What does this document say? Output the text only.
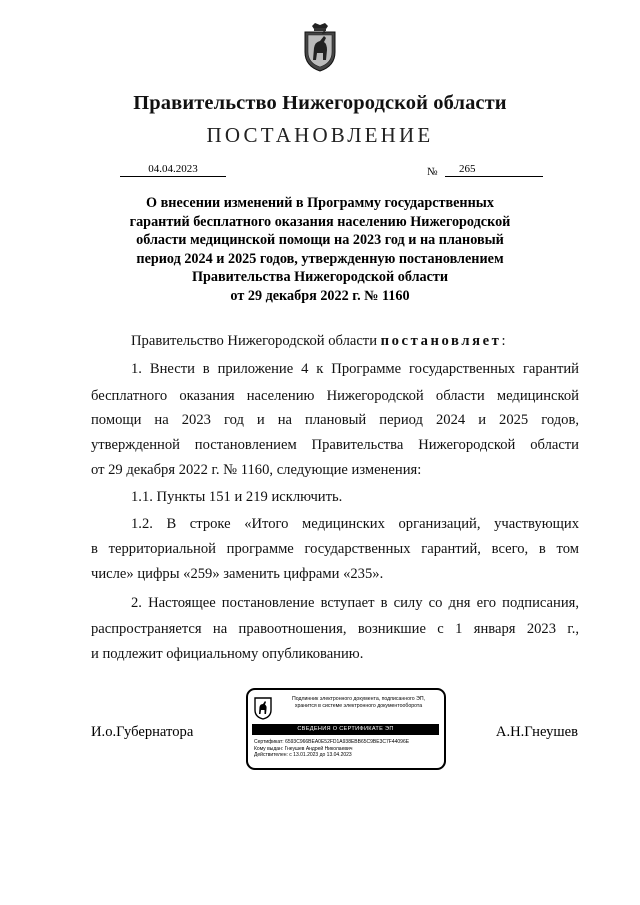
Правительство Нижегородской области
ПОСТАНОВЛЕНИЕ
04.04.2023	№	265
О внесении изменений в Программу государственных
гарантий бесплатного оказания населению Нижегородской
области медицинской помощи на 2023 год и на плановый
период 2024 и 2025 годов, утвержденную постановлением
Правительства Нижегородской области
от 29 декабря 2022 г. № 1160
Правительство Нижегородской области постановляет:
1. Внести в приложение 4 к Программе государственных гарантий
бесплатного оказания населению Нижегородской области медицинской
помощи на 2023 год и на плановый период 2024 и 2025 годов,
утвержденной постановлением Правительства Нижегородской области
от 29 декабря 2022 г. № 1160, следующие изменения:
1.1. Пункты 151 и 219 исключить.
1.2. В строке «Итого медицинских организаций, участвующих
в территориальной программе государственных гарантий, всего, в том
числе» цифры «259» заменить цифрами «235».
2. Настоящее постановление вступает в силу со дня его подписания,
распространяется на правоотношения, возникшие с 1 января 2023 г.,
и подлежит официальному опубликованию.
И.о.Губернатора	А.Н.Гнеушев
Подлинник электронного документа, подписанного ЭП,
хранится в системе электронного документооборота
СВЕДЕНИЯ О СЕРТИФИКАТЕ ЭП
Сертификат: 6593C966BEA0E52FD1A938EBB65C9BE3C7F44096E
Кому выдан: Гнеушев Андрей Николаевич
Действителен: с 13.01.2023 до 13.04.2023
